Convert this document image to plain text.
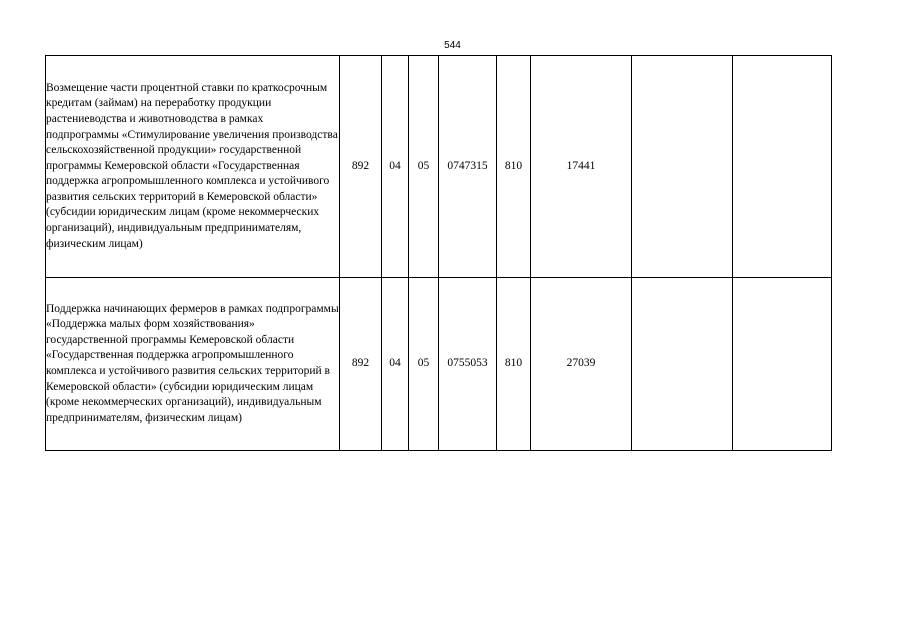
544
Возмещение части процентной ставки по краткосрочным кредитам (займам) на переработку продукции растениеводства и животноводства в рамках подпрограммы «Стимулирование увеличения производства сельскохозяйственной продукции» государственной программы Кемеровской области «Государственная поддержка агропромышленного комплекса и устойчивого развития сельских территорий в Кемеровской области» (субсидии юридическим лицам (кроме некоммерческих организаций), индивидуальным предпринимателям, физическим лицам)	892	04	05	0747315	810	17441		
Поддержка начинающих фермеров в рамках подпрограммы «Поддержка малых форм хозяйствования» государственной программы Кемеровской области «Государственная поддержка агропромышленного комплекса и устойчивого развития сельских территорий в Кемеровской области» (субсидии юридическим лицам (кроме некоммерческих организаций), индивидуальным предпринимателям, физическим лицам)	892	04	05	0755053	810	27039		
